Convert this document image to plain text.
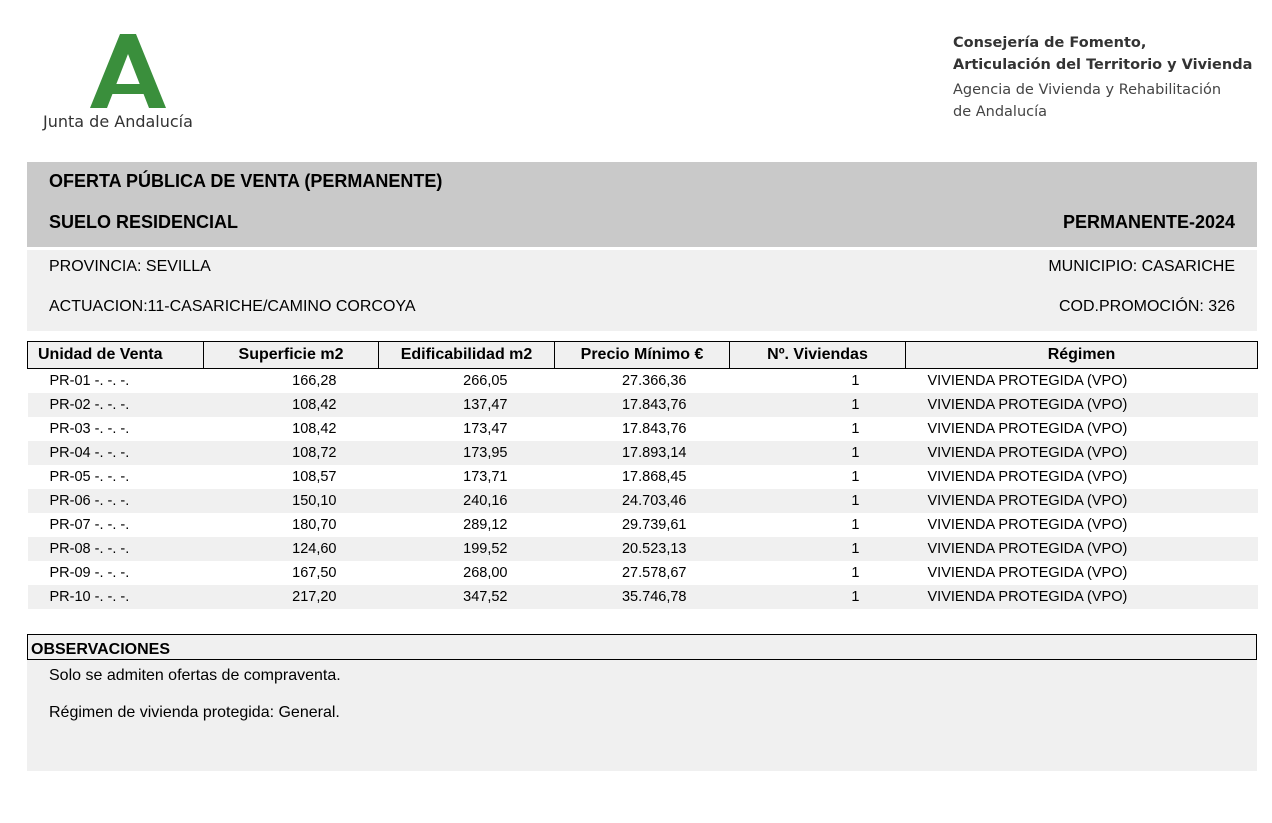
Junta de Andalucía
Consejería de Fomento,
Articulación del Territorio y Vivienda
Agencia de Vivienda y Rehabilitación
de Andalucía
OFERTA PÚBLICA DE VENTA (PERMANENTE)
SUELO RESIDENCIAL	PERMANENTE-2024
PROVINCIA: SEVILLA	MUNICIPIO: CASARICHE
ACTUACION:11-CASARICHE/CAMINO CORCOYA	COD.PROMOCIÓN: 326
Unidad de Venta	Superficie m2	Edificabilidad m2	Precio Mínimo €	Nº. Viviendas	Régimen
PR-01 -. -. -.	166,28	266,05	27.366,36	1	VIVIENDA PROTEGIDA (VPO)
PR-02 -. -. -.	108,42	137,47	17.843,76	1	VIVIENDA PROTEGIDA (VPO)
PR-03 -. -. -.	108,42	173,47	17.843,76	1	VIVIENDA PROTEGIDA (VPO)
PR-04 -. -. -.	108,72	173,95	17.893,14	1	VIVIENDA PROTEGIDA (VPO)
PR-05 -. -. -.	108,57	173,71	17.868,45	1	VIVIENDA PROTEGIDA (VPO)
PR-06 -. -. -.	150,10	240,16	24.703,46	1	VIVIENDA PROTEGIDA (VPO)
PR-07 -. -. -.	180,70	289,12	29.739,61	1	VIVIENDA PROTEGIDA (VPO)
PR-08 -. -. -.	124,60	199,52	20.523,13	1	VIVIENDA PROTEGIDA (VPO)
PR-09 -. -. -.	167,50	268,00	27.578,67	1	VIVIENDA PROTEGIDA (VPO)
PR-10 -. -. -.	217,20	347,52	35.746,78	1	VIVIENDA PROTEGIDA (VPO)
OBSERVACIONES
Solo se admiten ofertas de compraventa.
Régimen de vivienda protegida: General.
